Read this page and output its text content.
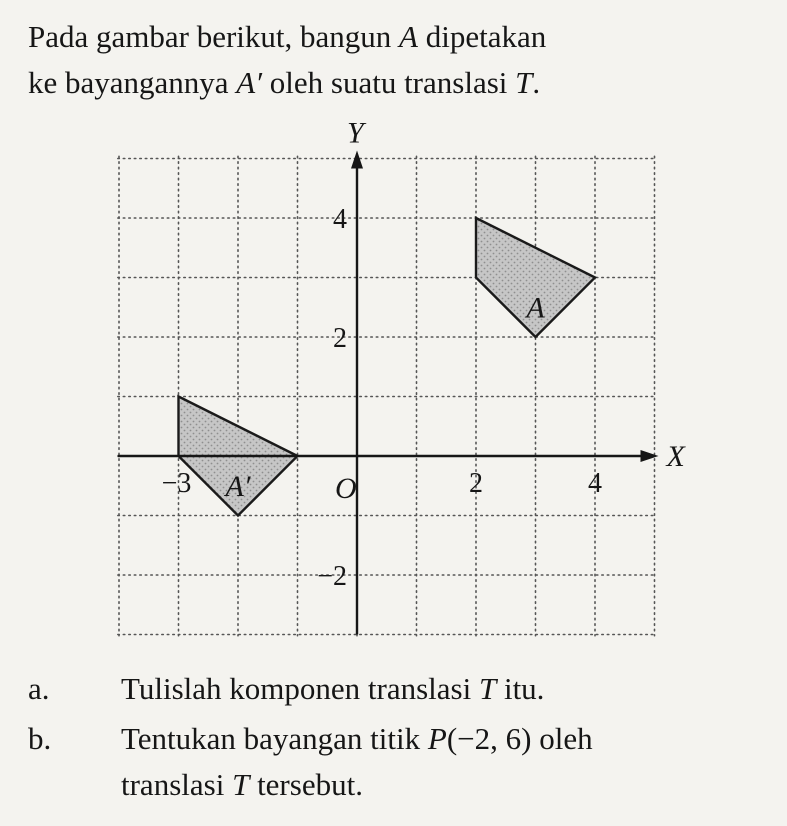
Pada gambar berikut, bangun A dipetakan
ke bayangannya A′ oleh suatu translasi T.
X
Y
O
−3	2	4
4
2
−2
A
A′
a. Tulislah komponen translasi T itu.
b. Tentukan bayangan titik P(−2, 6) oleh
translasi T tersebut.
